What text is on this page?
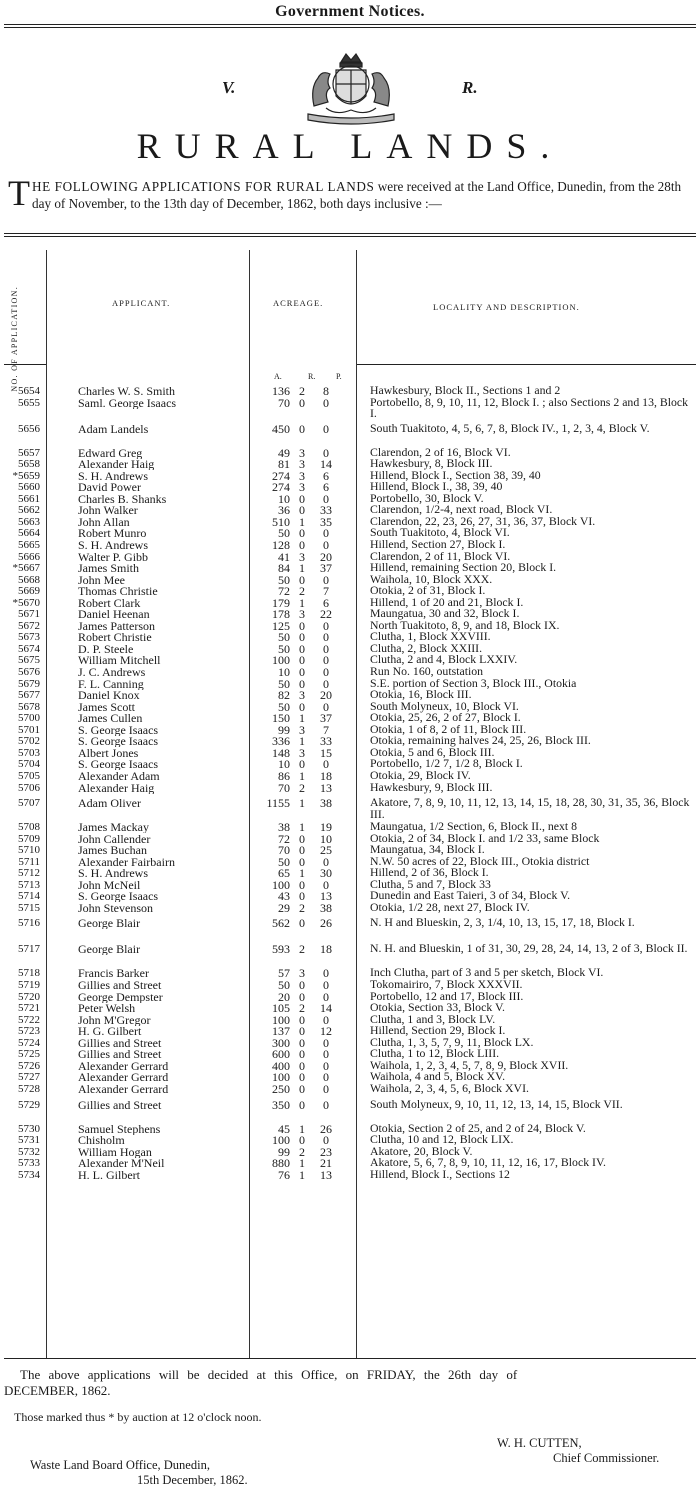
Government Notices.
V.	R.
RURAL LANDS.
THE FOLLOWING APPLICATIONS FOR RURAL LANDS were received at the Land Office, Dunedin, from the 28th day of November, to the 13th day of December, 1862, both days inclusive :—
NO. OF APPLICATION.	APPLICANT.	ACREAGE.	LOCALITY AND DESCRIPTION.
5654	Charles W. S. Smith	136 2	8	Hawkesbury, Block II., Sections 1 and 2
5655	Saml. George Isaacs	70 0	0	Portobello, 8, 9, 10, 11, 12, Block I. ; also Sections 2 and 13, Block I.
5656	Adam Landels	450 0	0	South Tuakitoto, 4, 5, 6, 7, 8, Block IV., 1, 2, 3, 4, Block V.
5657	Edward Greg	49 3	0	Clarendon, 2 of 16, Block VI.
5658	Alexander Haig	81 3	14	Hawkesbury, 8, Block III.
*5659	S. H. Andrews	274 3	6	Hillend, Block I., Section 38, 39, 40
5660	David Power	274 3	6	Hillend, Block I., 38, 39, 40
5661	Charles B. Shanks	10 0	0	Portobello, 30, Block V.
5662	John Walker	36 0	33	Clarendon, 1/2-4, next road, Block VI.
5663	John Allan	510 1	35	Clarendon, 22, 23, 26, 27, 31, 36, 37, Block VI.
5664	Robert Munro	50 0	0	South Tuakitoto, 4, Block VI.
5665	S. H. Andrews	128 0	0	Hillend, Section 27, Block I.
5666	Walter P. Gibb	41 3	20	Clarendon, 2 of 11, Block VI.
*5667	James Smith	84 1	37	Hillend, remaining Section 20, Block I.
5668	John Mee	50 0	0	Waihola, 10, Block XXX.
5669	Thomas Christie	72 2	7	Otokia, 2 of 31, Block I.
*5670	Robert Clark	179 1	6	Hillend, 1 of 20 and 21, Block I.
5671	Daniel Heenan	178 3	22	Maungatua, 30 and 32, Block I.
5672	James Patterson	125 0	0	North Tuakitoto, 8, 9, and 18, Block IX.
5673	Robert Christie	50 0	0	Clutha, 1, Block XXVIII.
5674	D. P. Steele	50 0	0	Clutha, 2, Block XXIII.
5675	William Mitchell	100 0	0	Clutha, 2 and 4, Block LXXIV.
5676	J. C. Andrews	10 0	0	Run No. 160, outstation
5679	F. L. Canning	50 0	0	S.E. portion of Section 3, Block III., Otokia
5677	Daniel Knox	82 3	20	Otokia, 16, Block III.
5678	James Scott	50 0	0	South Molyneux, 10, Block VI.
5700	James Cullen	150 1	37	Otokia, 25, 26, 2 of 27, Block I.
5701	S. George Isaacs	99 3	7	Otokia, 1 of 8, 2 of 11, Block III.
5702	S. George Isaacs	336 1	33	Otokia, remaining halves 24, 25, 26, Block III.
5703	Albert Jones	148 3	15	Otokia, 5 and 6, Block III.
5704	S. George Isaacs	10 0	0	Portobello, 1/2 7, 1/2 8, Block I.
5705	Alexander Adam	86 1	18	Otokia, 29, Block IV.
5706	Alexander Haig	70 2	13	Hawkesbury, 9, Block III.
5707	Adam Oliver	1155 1	38	Akatore, 7, 8, 9, 10, 11, 12, 13, 14, 15, 18, 28, 30, 31, 35, 36, Block III.
5708	James Mackay	38 1	19	Maungatua, 1/2 Section, 6, Block II., next 8
5709	John Callender	72 0	10	Otokia, 2 of 34, Block I. and 1/2 33, same Block
5710	James Buchan	70 0	25	Maungatua, 34, Block I.
5711	Alexander Fairbairn	50 0	0	N.W. 50 acres of 22, Block III., Otokia district
5712	S. H. Andrews	65 1	30	Hillend, 2 of 36, Block I.
5713	John McNeil	100 0	0	Clutha, 5 and 7, Block 33
5714	S. George Isaacs	43 0	13	Dunedin and East Taieri, 3 of 34, Block V.
5715	John Stevenson	29 2	38	Otokia, 1/2 28, next 27, Block IV.
5716	George Blair	562 0	26	N. H and Blueskin, 2, 3, 1/4, 10, 13, 15, 17, 18, Block I.
5717	George Blair	593 2	18	N. H. and Blueskin, 1 of 31, 30, 29, 28, 24, 14, 13, 2 of 3, Block II.
5718	Francis Barker	57 3	0	Inch Clutha, part of 3 and 5 per sketch, Block VI.
5719	Gillies and Street	50 0	0	Tokomairiro, 7, Block XXXVII.
5720	George Dempster	20 0	0	Portobello, 12 and 17, Block III.
5721	Peter Welsh	105 2	14	Otokia, Section 33, Block V.
5722	John M'Gregor	100 0	0	Clutha, 1 and 3, Block LV.
5723	H. G. Gilbert	137 0	12	Hillend, Section 29, Block I.
5724	Gillies and Street	300 0	0	Clutha, 1, 3, 5, 7, 9, 11, Block LX.
5725	Gillies and Street	600 0	0	Clutha, 1 to 12, Block LIII.
5726	Alexander Gerrard	400 0	0	Waihola, 1, 2, 3, 4, 5, 7, 8, 9, Block XVII.
5727	Alexander Gerrard	100 0	0	Waihola, 4 and 5, Block XV.
5728	Alexander Gerrard	250 0	0	Waihola, 2, 3, 4, 5, 6, Block XVI.
5729	Gillies and Street	350 0	0	South Molyneux, 9, 10, 11, 12, 13, 14, 15, Block VII.
5730	Samuel Stephens	45 1	26	Otokia, Section 2 of 25, and 2 of 24, Block V.
5731	Chisholm	100 0	0	Clutha, 10 and 12, Block LIX.
5732	William Hogan	99 2	23	Akatore, 20, Block V.
5733	Alexander M'Neil	880 1	21	Akatore, 5, 6, 7, 8, 9, 10, 11, 12, 16, 17, Block IV.
5734	H. L. Gilbert	76 1	13	Hillend, Block I., Sections 12
A.	R.	P.
The above applications will be decided at this Office, on FRIDAY, the 26th day of
DECEMBER, 1862.
Those marked thus * by auction at 12 o'clock noon.
W. H. CUTTEN,
Chief Commissioner.
Waste Land Board Office, Dunedin,
15th December, 1862.
